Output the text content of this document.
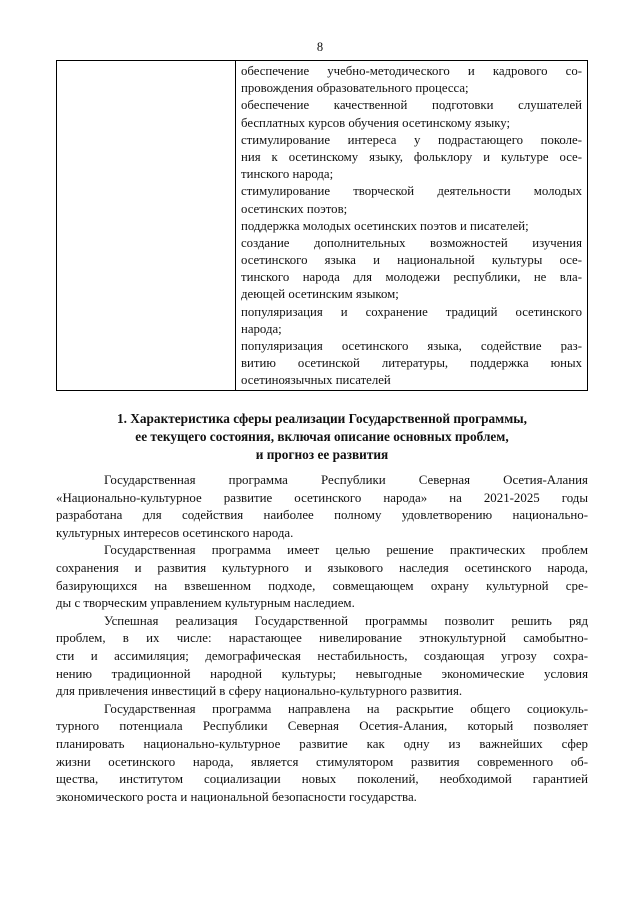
8

обеспечение учебно-методического и кадрового со-
провождения образовательного процесса;
обеспечение качественной подготовки слушателей
бесплатных курсов обучения осетинскому языку;
стимулирование интереса у подрастающего поколе-
ния к осетинскому языку, фольклору и культуре осе-
тинского народа;
стимулирование творческой деятельности молодых
осетинских поэтов;
поддержка молодых осетинских поэтов и писателей;
создание дополнительных возможностей изучения
осетинского языка и национальной культуры осе-
тинского народа для молодежи республики, не вла-
деющей осетинским языком;
популяризация и сохранение традиций осетинского
народа;
популяризация осетинского языка, содействие раз-
витию осетинской литературы, поддержка юных
осетиноязычных писателей
1. Характеристика сферы реализации Государственной программы,
ее текущего состояния, включая описание основных проблем,
и прогноз ее развития
Государственная программа Республики Северная Осетия-Алания
«Национально-культурное развитие осетинского народа» на 2021-2025 годы
разработана для содействия наиболее полному удовлетворению национально-
культурных интересов осетинского народа.
Государственная программа имеет целью решение практических проблем
сохранения и развития культурного и языкового наследия осетинского народа,
базирующихся на взвешенном подходе, совмещающем охрану культурной сре-
ды с творческим управлением культурным наследием.
Успешная реализация Государственной программы позволит решить ряд
проблем, в их числе: нарастающее нивелирование этнокультурной самобытно-
сти и ассимиляция; демографическая нестабильность, создающая угрозу сохра-
нению традиционной народной культуры; невыгодные экономические условия
для привлечения инвестиций в сферу национально-культурного развития.
Государственная программа направлена на раскрытие общего социокуль-
турного потенциала Республики Северная Осетия-Алания, который позволяет
планировать национально-культурное развитие как одну из важнейших сфер
жизни осетинского народа, является стимулятором развития современного об-
щества, институтом социализации новых поколений, необходимой гарантией
экономического роста и национальной безопасности государства.
